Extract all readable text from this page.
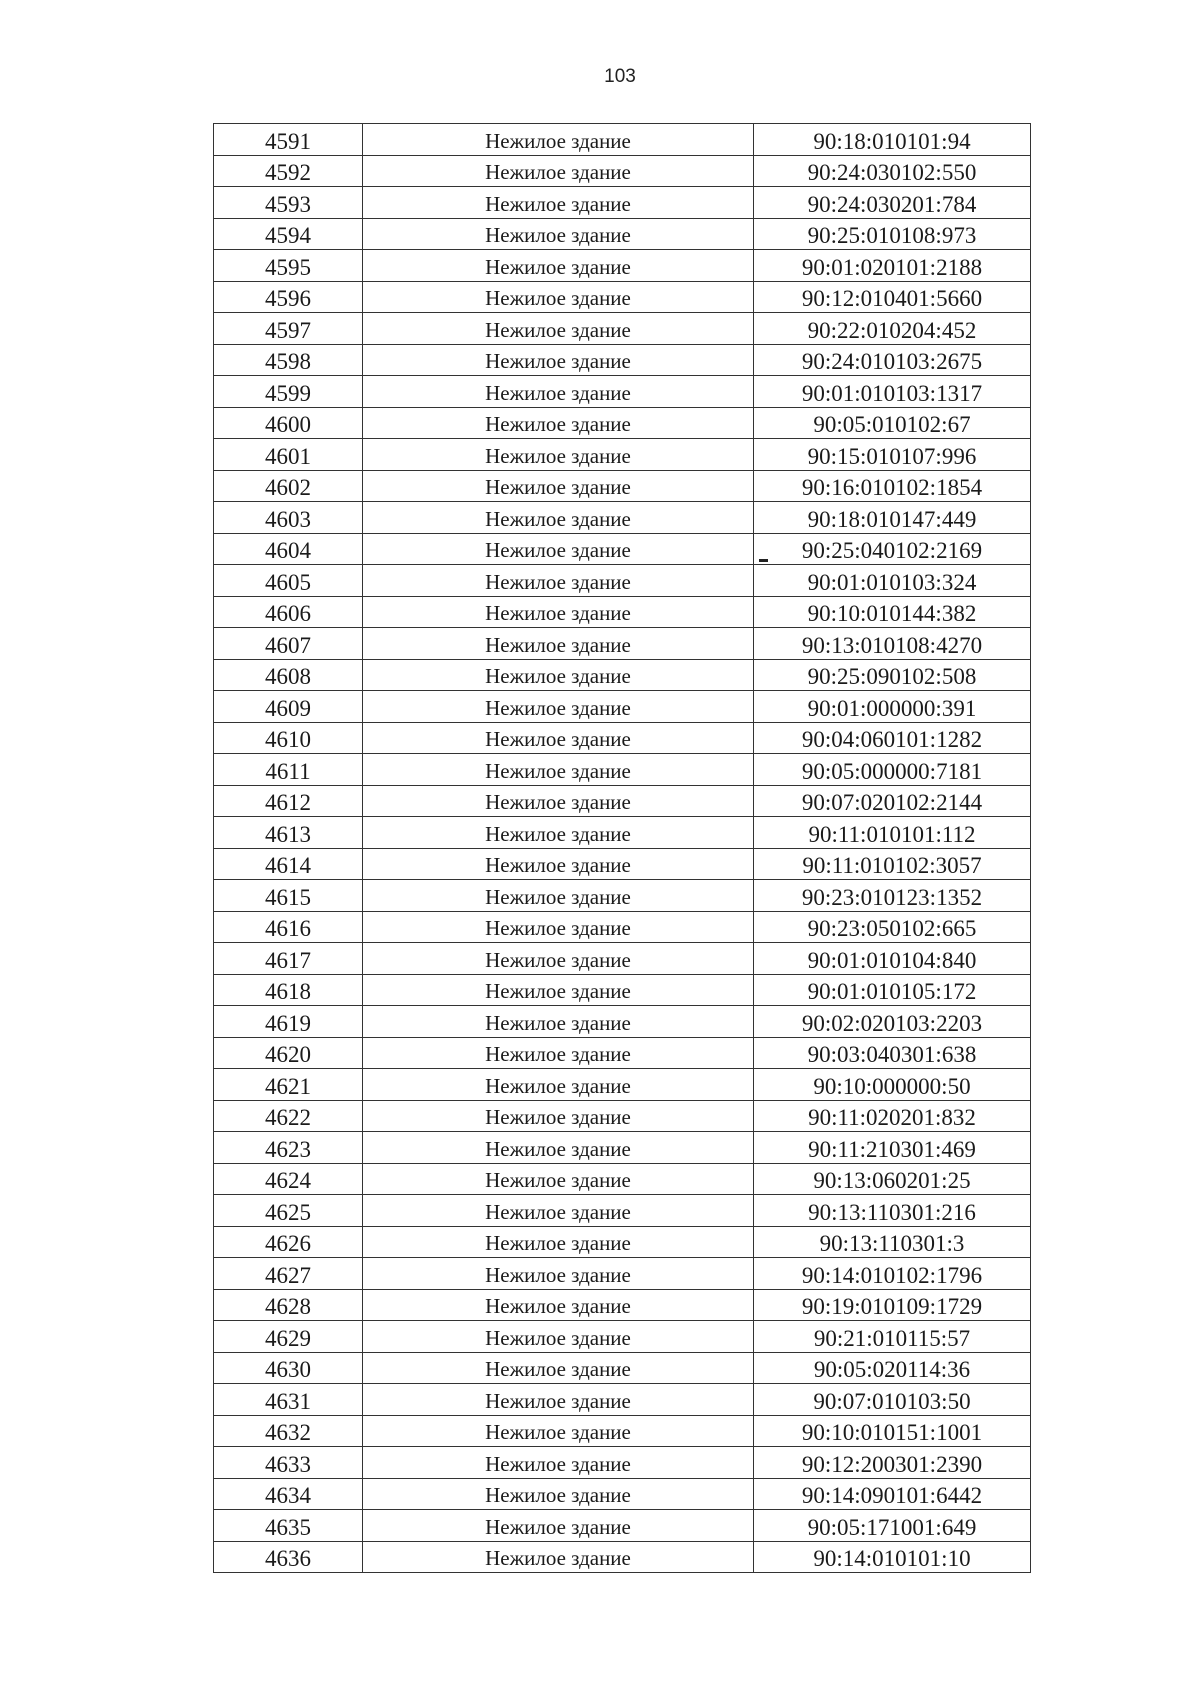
103
4591	Нежилое здание	90:18:010101:94
4592	Нежилое здание	90:24:030102:550
4593	Нежилое здание	90:24:030201:784
4594	Нежилое здание	90:25:010108:973
4595	Нежилое здание	90:01:020101:2188
4596	Нежилое здание	90:12:010401:5660
4597	Нежилое здание	90:22:010204:452
4598	Нежилое здание	90:24:010103:2675
4599	Нежилое здание	90:01:010103:1317
4600	Нежилое здание	90:05:010102:67
4601	Нежилое здание	90:15:010107:996
4602	Нежилое здание	90:16:010102:1854
4603	Нежилое здание	90:18:010147:449
4604	Нежилое здание	90:25:040102:2169
4605	Нежилое здание	90:01:010103:324
4606	Нежилое здание	90:10:010144:382
4607	Нежилое здание	90:13:010108:4270
4608	Нежилое здание	90:25:090102:508
4609	Нежилое здание	90:01:000000:391
4610	Нежилое здание	90:04:060101:1282
4611	Нежилое здание	90:05:000000:7181
4612	Нежилое здание	90:07:020102:2144
4613	Нежилое здание	90:11:010101:112
4614	Нежилое здание	90:11:010102:3057
4615	Нежилое здание	90:23:010123:1352
4616	Нежилое здание	90:23:050102:665
4617	Нежилое здание	90:01:010104:840
4618	Нежилое здание	90:01:010105:172
4619	Нежилое здание	90:02:020103:2203
4620	Нежилое здание	90:03:040301:638
4621	Нежилое здание	90:10:000000:50
4622	Нежилое здание	90:11:020201:832
4623	Нежилое здание	90:11:210301:469
4624	Нежилое здание	90:13:060201:25
4625	Нежилое здание	90:13:110301:216
4626	Нежилое здание	90:13:110301:3
4627	Нежилое здание	90:14:010102:1796
4628	Нежилое здание	90:19:010109:1729
4629	Нежилое здание	90:21:010115:57
4630	Нежилое здание	90:05:020114:36
4631	Нежилое здание	90:07:010103:50
4632	Нежилое здание	90:10:010151:1001
4633	Нежилое здание	90:12:200301:2390
4634	Нежилое здание	90:14:090101:6442
4635	Нежилое здание	90:05:171001:649
4636	Нежилое здание	90:14:010101:10
